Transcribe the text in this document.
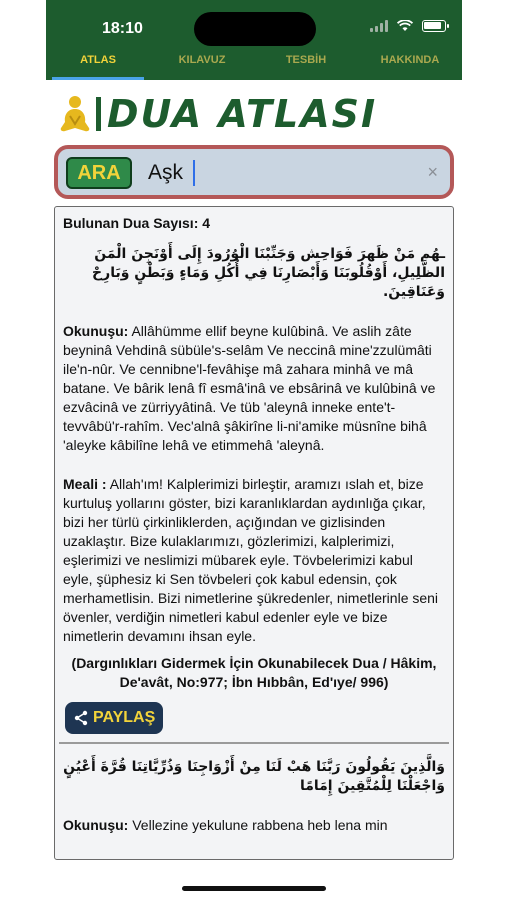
18:10
ATLAS	KILAVUZ	TESBİH	HAKKINDA
DUA ATLASI
ARA
Aşk	×
Bulunan Dua Sayısı: 4
ـهُم مَنْ ظَهرَ فَوَاحِش وَجَنِّبْنَا الْوُرُودَ إِلَى أَوْنَجِنَ الْمَنَ الظَّلِيلِ، أَوْقُلُوبَنَا وَأَبْصَارِنَا فِي أُكُلِ وَمَاءٍ وَبَطْنٍ وَبَارِحْ وَعَنَاقِينَ.
Okunuşu: Allâhümme ellif beyne kulûbinâ. Ve aslih zâte beyninâ Vehdinâ sübüle's-selâm Ve neccinâ mine'zzulümâti ile'n-nûr. Ve cennibne'l-fevâhişe mâ zahara minhâ ve mâ batane. Ve bârik lenâ fî esmâ'inâ ve ebsârinâ ve kulûbinâ ve ezvâcinâ ve zürriyyâtinâ. Ve tüb 'aleynâ inneke ente't-tevvâbü'r-rahîm. Vec'alnâ şâkirîne li-ni'amike müsnîne bihâ 'aleyke kâbilîne lehâ ve etimmehâ 'aleynâ.
Meali : Allah'ım! Kalplerimizi birleştir, aramızı ıslah et, bize kurtuluş yollarını göster, bizi karanlıklardan aydınlığa çıkar, bizi her türlü çirkinliklerden, açığından ve gizlisinden uzaklaştır. Bize kulaklarımızı, gözlerimizi, kalplerimizi, eşlerimizi ve neslimizi mübarek eyle. Tövbelerimizi kabul eyle, şüphesiz ki Sen tövbeleri çok kabul edensin, çok merhametlisin. Bizi nimetlerine şükredenler, nimetlerinle seni övenler, verdiğin nimetleri kabul edenler eyle ve bize nimetlerin devamını ihsan eyle.
(Dargınlıkları Gidermek İçin Okunabilecek Dua / Hâkim, De'avât, No:977; İbn Hıbbân, Ed'ıye/ 996)
PAYLAŞ
وَالَّذِينَ يَقُولُونَ رَبَّنَا هَبْ لَنَا مِنْ أَزْوَاجِنَا وَذُرِّيَّاتِنَا قُرَّةَ أَعْيُنٍ وَاجْعَلْنَا لِلْمُتَّقِينَ إِمَامًا
Okunuşu: Vellezine yekulune rabbena heb lena min
